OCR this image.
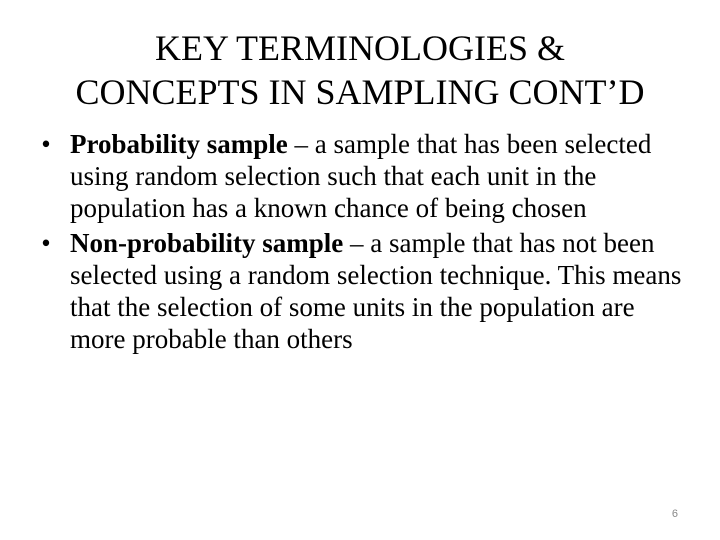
KEY TERMINOLOGIES &
CONCEPTS IN SAMPLING CONT’D
• Probability sample – a sample that has been selected using random selection such that each unit in the population has a known chance of being chosen
• Non-probability sample – a sample that has not been selected using a random selection technique. This means that the selection of some units in the population are more probable than others
6
